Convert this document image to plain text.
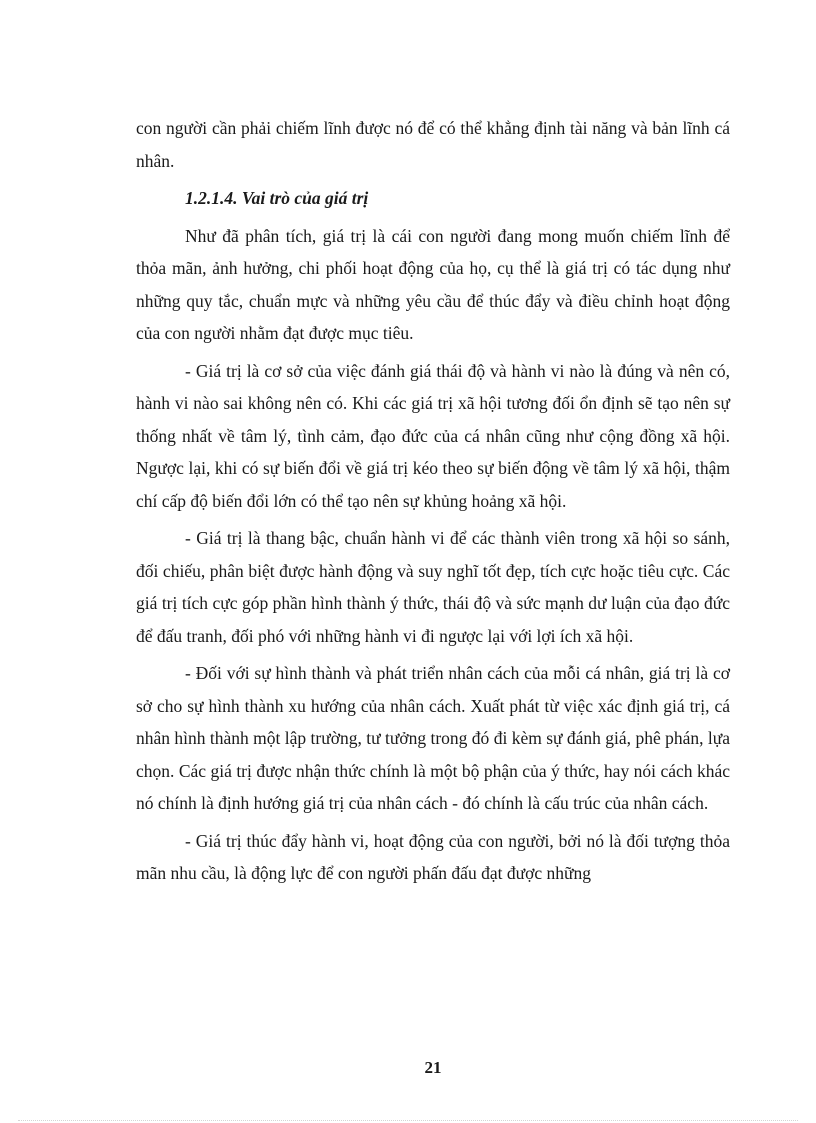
con người cần phải chiếm lĩnh được nó để có thể khẳng định tài năng và bản lĩnh cá nhân.

1.2.1.4. Vai trò của giá trị

Như đã phân tích, giá trị là cái con người đang mong muốn chiếm lĩnh để thỏa mãn, ảnh hưởng, chi phối hoạt động của họ, cụ thể là giá trị có tác dụng như những quy tắc, chuẩn mực và những yêu cầu để thúc đẩy và điều chỉnh hoạt động của con người nhằm đạt được mục tiêu.

- Giá trị là cơ sở của việc đánh giá thái độ và hành vi nào là đúng và nên có, hành vi nào sai không nên có. Khi các giá trị xã hội tương đối ổn định sẽ tạo nên sự thống nhất về tâm lý, tình cảm, đạo đức của cá nhân cũng như cộng đồng xã hội. Ngược lại, khi có sự biến đổi về giá trị kéo theo sự biến động về tâm lý xã hội, thậm chí cấp độ biến đổi lớn có thể tạo nên sự khủng hoảng xã hội.

- Giá trị là thang bậc, chuẩn hành vi để các thành viên trong xã hội so sánh, đối chiếu, phân biệt được hành động và suy nghĩ tốt đẹp, tích cực hoặc tiêu cực. Các giá trị tích cực góp phần hình thành ý thức, thái độ và sức mạnh dư luận của đạo đức để đấu tranh, đối phó với những hành vi đi ngược lại với lợi ích xã hội.

- Đối với sự hình thành và phát triển nhân cách của mỗi cá nhân, giá trị là cơ sở cho sự hình thành xu hướng của nhân cách. Xuất phát từ việc xác định giá trị, cá nhân hình thành một lập trường, tư tưởng trong đó đi kèm sự đánh giá, phê phán, lựa chọn. Các giá trị được nhận thức chính là một bộ phận của ý thức, hay nói cách khác nó chính là định hướng giá trị của nhân cách - đó chính là cấu trúc của nhân cách.

- Giá trị thúc đẩy hành vi, hoạt động của con người, bởi nó là đối tượng thỏa mãn nhu cầu, là động lực để con người phấn đấu đạt được những

21
